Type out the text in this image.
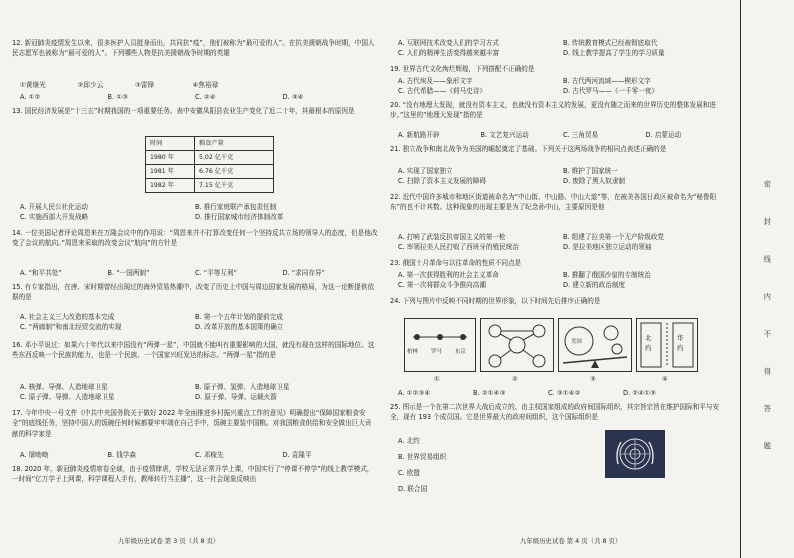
12. 新冠肺炎疫情发生以来，很多医护人员挺身而出，共同抗“疫”，他们被称为“最可爱的人”。在抗美援朝战争时期，中国人民志愿军也被称为“最可爱的人”。下列哪些人物是抗美援朝战争时期的英雄

①黄继光	②邱少云	③雷锋	④焦裕禄
A. ①②	B. ①③	C. ②④	D. ③④

13. 国民经济发展是“十三五”时期我国的一项重要任务。表中安徽凤阳县农业生产变化了近二十年，其最根本的原因是

时间	粮食产量
1980 年	5.02 亿千克
1981 年	6.76 亿千克
1982 年	7.15 亿千克
A. 开展人民公社化运动	B. 推行家庭联产承包责任制
C. 实施西部大开发战略	D. 推行国家城市经济体制改革

14. 一位美国记者评论周恩来在万隆会议中的作用说：“周恩来并不打算改变任何一个坚持反共立场的领导人的态度，但是他改变了会议的航向。”周恩来采取的改变会议“航向”的方针是

A. “和平共处”	B. “一国两制”	C. “平等互利”	D. “求同存异”

15. 有专家指出，在唐、宋时期曾经出现过的海外贸易热潮中，改变了历史上中国与周边国家发展的格局，为这一论断提供依据的是

A. 社会主义三大改造的基本完成	B. 第一个五年计划的提前完成
C. “两廊制”和南北经贸交流的实现	D. 改革开放的基本国策的确立

16. 邓小平说过：如果六十年代以来中国没有“两弹一星”，中国就不能叫有重要影响的大国，就没有现在这样的国际地位。这些东西反映一个民族的能力，也是一个民族、一个国家兴旺发达的标志。“两弹一星”指的是

A. 核弹、导弹、人造地球卫星	B. 原子弹、氢弹、人造地球卫星
C. 原子弹、导弹、人造地球卫星	D. 原子弹、导弹、运载火箭

17. 今年中央一号文件《中共中央国务院关于做好 2022 年全面推进乡村振兴重点工作的意见》明确提出“保障国家粮食安全”的底线任务，坚持中国人的饭碗任何时候都要牢牢端在自己手中，饭碗主要装中国粮。对我国粮食供给和安全做出巨大贡献的科学家是

A. 屠呦呦	B. 钱学森	C. 邓稼先	D. 袁隆平

18. 2020 年，新冠肺炎疫情席卷全球，由于疫情肆虐，学校无法正常开学上课，中国实行了“停课不停学”的线上教学模式，一时间“亿万学子上网课，科学课程人手有，教师转行当主播”，这一社会现象反映出

九年级历史试卷 第 3 页（共 8 页）
A. 互联网技术改变人们的学习方式	B. 传统教育模式已经被彻底取代
C. 人们的精神生活变得越来越丰富	D. 线上教学提高了学生的学习质量

19. 世界古代文化绚烂辉煌，下列搭配不正确的是

A. 古代埃及——象形文字	B. 古代两河流域——楔形文字
C. 古代希腊——《荷马史诗》	D. 古代罗马——《一千零一夜》

20. “没有地理大发现，就没有资本主义，也就没有资本主义的发展，更没有随之而来的世界历史的整体发展和进步。”这里的“地理大发现”指的是

A. 新航路开辟	B. 文艺复兴运动	C. 三角贸易	D. 启蒙运动

21. 独立战争和南北战争为美国的崛起奠定了基础。下列关于这两场战争的相同点表述正确的是

A. 实现了国家独立	B. 维护了国家统一
C. 扫除了资本主义发展的障碍	D. 废除了黑人奴隶制

22. 近代中国许多城市和地区街道被命名为“中山街、中山路、中山大道”等，在被美各国日政区被命名为“秘鲁阳东”的也不计其数。这种现象的出现主要是为了纪念孙中山，主要原因是他

A. 打响了武装反抗帝国主义的第一枪	B. 组建了拉美第一个无产阶级政党
C. 率领拉美人民打败了西班牙的殖民统治	D. 是拉美地区独立运动的领袖

23. 俄国十月革命与以往革命的性质不同点是

A. 第一次获得胜利的社会主义革命	B. 推翻了俄国沙皇的专制统治
C. 第一次将群众斗争推向高潮	D. 建立新的政治制度

24. 下列与图片中反映不同时期的世界形象，以下时间先后排序正确的是

A. ①②③④	B. ②①④③	C. ③①④②	D. ②④①③

25. 图示是一个在第二次世界大战后成立的、由主权国家组成的政府间国际组织，其宗旨宗旨在维护国际和平与安全，现有 193 个成员国。它是世界最大的政府间组织，这个国际组织是

A. 北约
B. 世界贸易组织
C. 欧盟
D. 联合国
柏林 罗马 东京
美国	北约
华约
①	②	③	④
九年级历史试卷 第 4 页（共 8 页）
密 封 线 内 不 得 答 题
